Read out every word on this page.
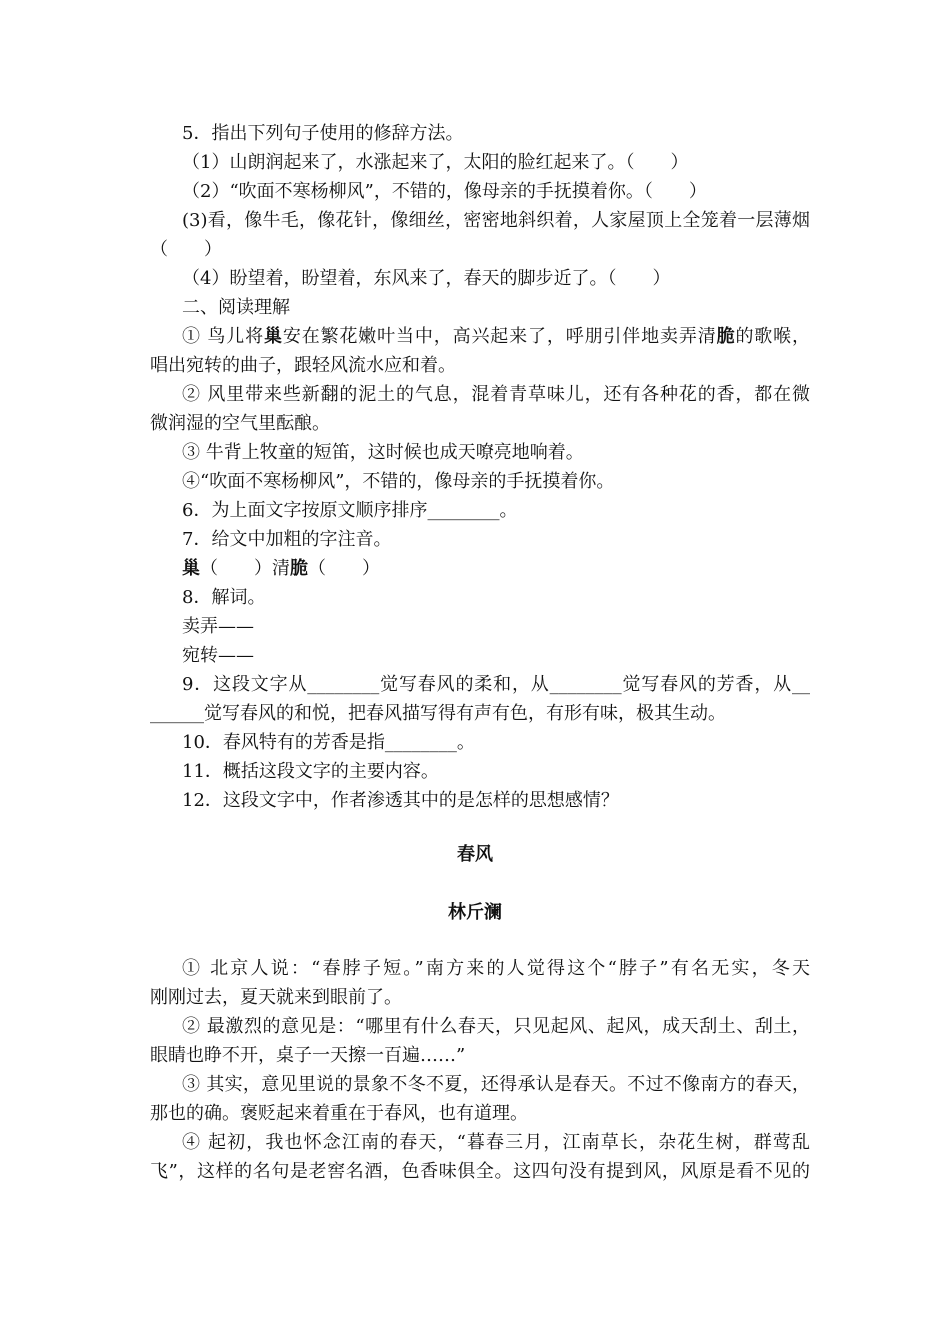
5．指出下列句子使用的修辞方法。
（1）山朗润起来了，水涨起来了，太阳的脸红起来了。（　　）
（2）“吹面不寒杨柳风”，不错的，像母亲的手抚摸着你。（　　）
(3)看，像牛毛，像花针，像细丝，密密地斜织着，人家屋顶上全笼着一层薄烟
（　　）
（4）盼望着，盼望着，东风来了，春天的脚步近了。（　　）
二、阅读理解
① 鸟儿将巢安在繁花嫩叶当中，高兴起来了，呼朋引伴地卖弄清脆的歌喉，
唱出宛转的曲子，跟轻风流水应和着。
② 风里带来些新翻的泥土的气息，混着青草味儿，还有各种花的香，都在微
微润湿的空气里酝酿。
③ 牛背上牧童的短笛，这时候也成天嘹亮地响着。
④“吹面不寒杨柳风”，不错的，像母亲的手抚摸着你。
6．为上面文字按原文顺序排序________。
7．给文中加粗的字注音。
巢（　　）清脆（　　）
8．解词。
卖弄——
宛转——
9．这段文字从________觉写春风的柔和，从________觉写春风的芳香，从__
______觉写春风的和悦，把春风描写得有声有色，有形有味，极其生动。
10．春风特有的芳香是指________。
11．概括这段文字的主要内容。
12．这段文字中，作者渗透其中的是怎样的思想感情？
春风
林斤澜
① 北京人说：“春脖子短。”南方来的人觉得这个“脖子”有名无实，冬天
刚刚过去，夏天就来到眼前了。
② 最激烈的意见是：“哪里有什么春天，只见起风、起风，成天刮土、刮土，
眼睛也睁不开，桌子一天擦一百遍……”
③ 其实，意见里说的景象不冬不夏，还得承认是春天。不过不像南方的春天，
那也的确。褒贬起来着重在于春风，也有道理。
④ 起初，我也怀念江南的春天，“暮春三月，江南草长，杂花生树，群莺乱
飞”，这样的名句是老窖名酒，色香味俱全。这四句没有提到风，风原是看不见的
